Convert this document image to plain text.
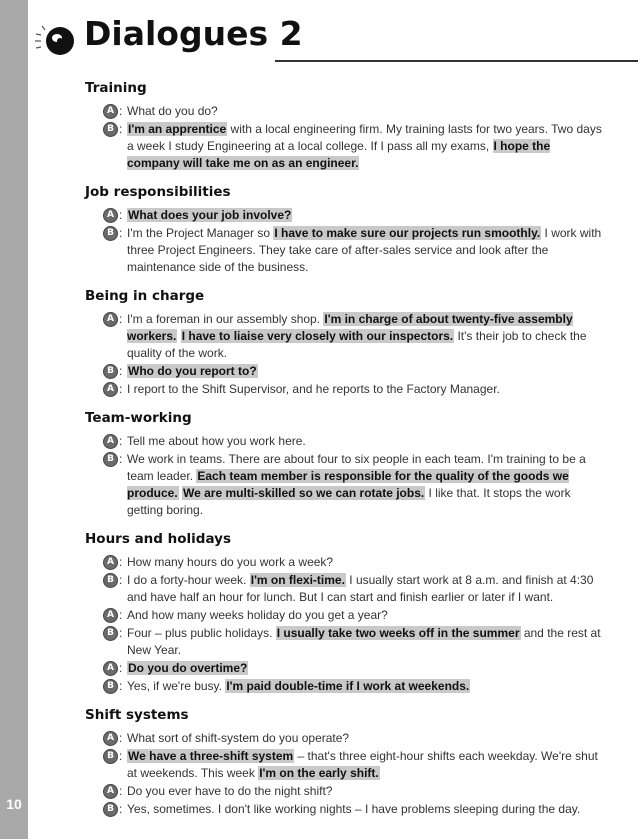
10
Dialogues 2
Training
A : What do you do?
B : I'm an apprentice with a local engineering firm. My training lasts for two years. Two days a week I study Engineering at a local college. If I pass all my exams, I hope the company will take me on as an engineer.
Job responsibilities
A : What does your job involve?
B : I'm the Project Manager so I have to make sure our projects run smoothly. I work with three Project Engineers. They take care of after-sales service and look after the maintenance side of the business.
Being in charge
A : I'm a foreman in our assembly shop. I'm in charge of about twenty-five assembly workers. I have to liaise very closely with our inspectors. It's their job to check the quality of the work.
B : Who do you report to?
A : I report to the Shift Supervisor, and he reports to the Factory Manager.
Team-working
A : Tell me about how you work here.
B : We work in teams. There are about four to six people in each team. I'm training to be a team leader. Each team member is responsible for the quality of the goods we produce. We are multi-skilled so we can rotate jobs. I like that. It stops the work getting boring.
Hours and holidays
A : How many hours do you work a week?
B : I do a forty-hour week. I'm on flexi-time. I usually start work at 8 a.m. and finish at 4:30 and have half an hour for lunch. But I can start and finish earlier or later if I want.
A : And how many weeks holiday do you get a year?
B : Four – plus public holidays. I usually take two weeks off in the summer and the rest at New Year.
A : Do you do overtime?
B : Yes, if we're busy. I'm paid double-time if I work at weekends.
Shift systems
A : What sort of shift-system do you operate?
B : We have a three-shift system – that's three eight-hour shifts each weekday. We're shut at weekends. This week I'm on the early shift.
A : Do you ever have to do the night shift?
B : Yes, sometimes. I don't like working nights – I have problems sleeping during the day.
